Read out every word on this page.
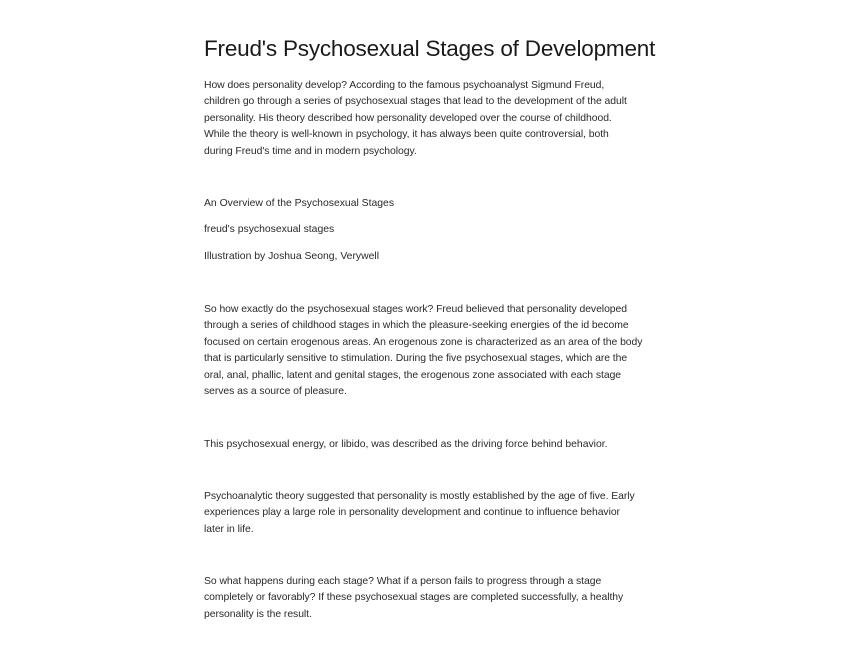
Freud's Psychosexual Stages of Development

How does personality develop? According to the famous psychoanalyst Sigmund Freud,
children go through a series of psychosexual stages that lead to the development of the adult
personality. His theory described how personality developed over the course of childhood.
While the theory is well-known in psychology, it has always been quite controversial, both
during Freud's time and in modern psychology.

An Overview of the Psychosexual Stages

freud's psychosexual stages

Illustration by Joshua Seong, Verywell

So how exactly do the psychosexual stages work? Freud believed that personality developed
through a series of childhood stages in which the pleasure-seeking energies of the id become
focused on certain erogenous areas. An erogenous zone is characterized as an area of the body
that is particularly sensitive to stimulation. During the five psychosexual stages, which are the
oral, anal, phallic, latent and genital stages, the erogenous zone associated with each stage
serves as a source of pleasure.

This psychosexual energy, or libido, was described as the driving force behind behavior.

Psychoanalytic theory suggested that personality is mostly established by the age of five. Early
experiences play a large role in personality development and continue to influence behavior
later in life.

So what happens during each stage? What if a person fails to progress through a stage
completely or favorably? If these psychosexual stages are completed successfully, a healthy
personality is the result.
